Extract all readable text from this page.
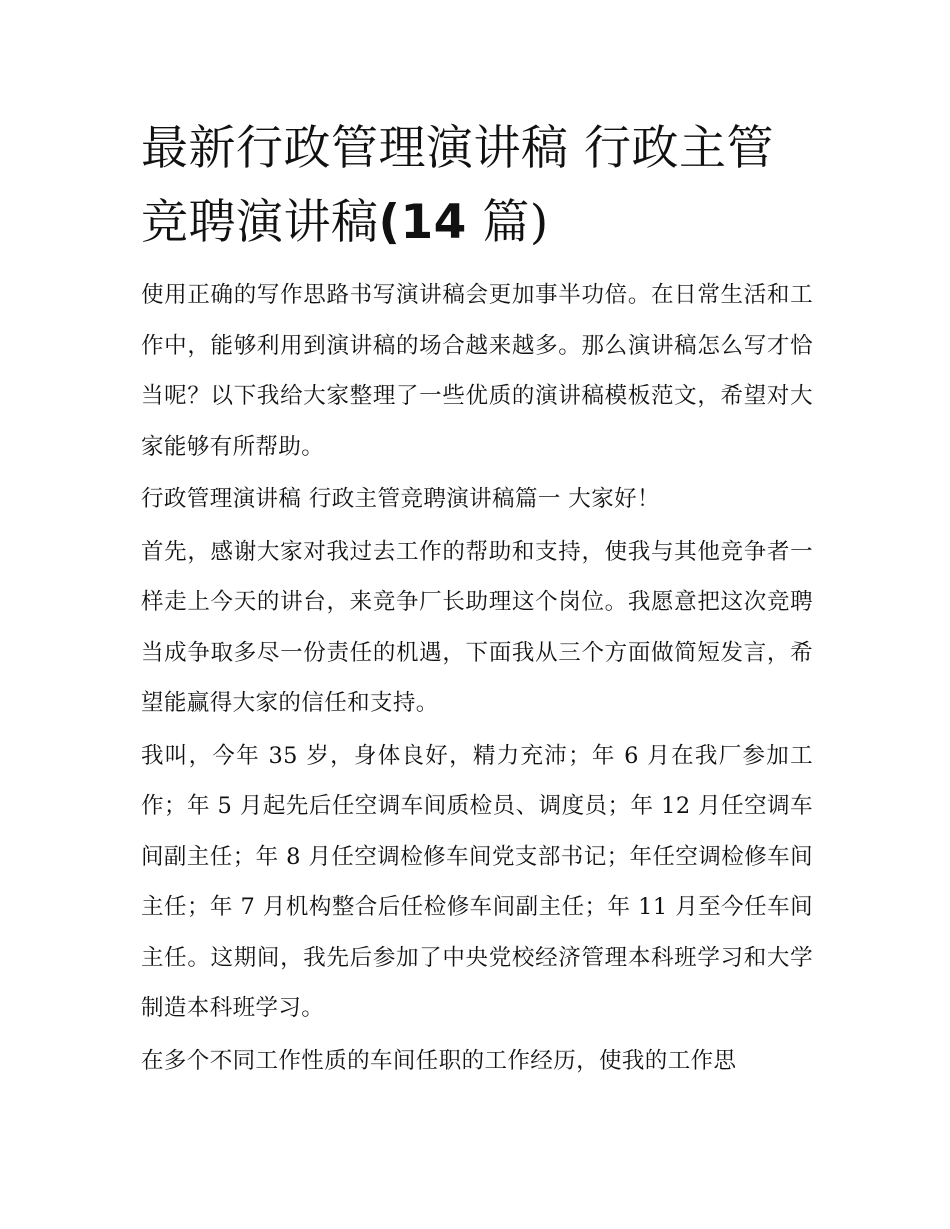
最新行政管理演讲稿 行政主管竞聘演讲稿(14 篇)

使用正确的写作思路书写演讲稿会更加事半功倍。在日常生活和工作中，能够利用到演讲稿的场合越来越多。那么演讲稿怎么写才恰当呢？以下我给大家整理了一些优质的演讲稿模板范文，希望对大家能够有所帮助。

行政管理演讲稿 行政主管竞聘演讲稿篇一 大家好！

首先，感谢大家对我过去工作的帮助和支持，使我与其他竞争者一样走上今天的讲台，来竞争厂长助理这个岗位。我愿意把这次竞聘当成争取多尽一份责任的机遇，下面我从三个方面做简短发言，希望能赢得大家的信任和支持。

我叫，今年 35 岁，身体良好，精力充沛；年 6 月在我厂参加工作；年 5 月起先后任空调车间质检员、调度员；年 12 月任空调车间副主任；年 8 月任空调检修车间党支部书记；年任空调检修车间主任；年 7 月机构整合后任检修车间副主任；年 11 月至今任车间主任。这期间，我先后参加了中央党校经济管理本科班学习和大学制造本科班学习。

在多个不同工作性质的车间任职的工作经历，使我的工作思
